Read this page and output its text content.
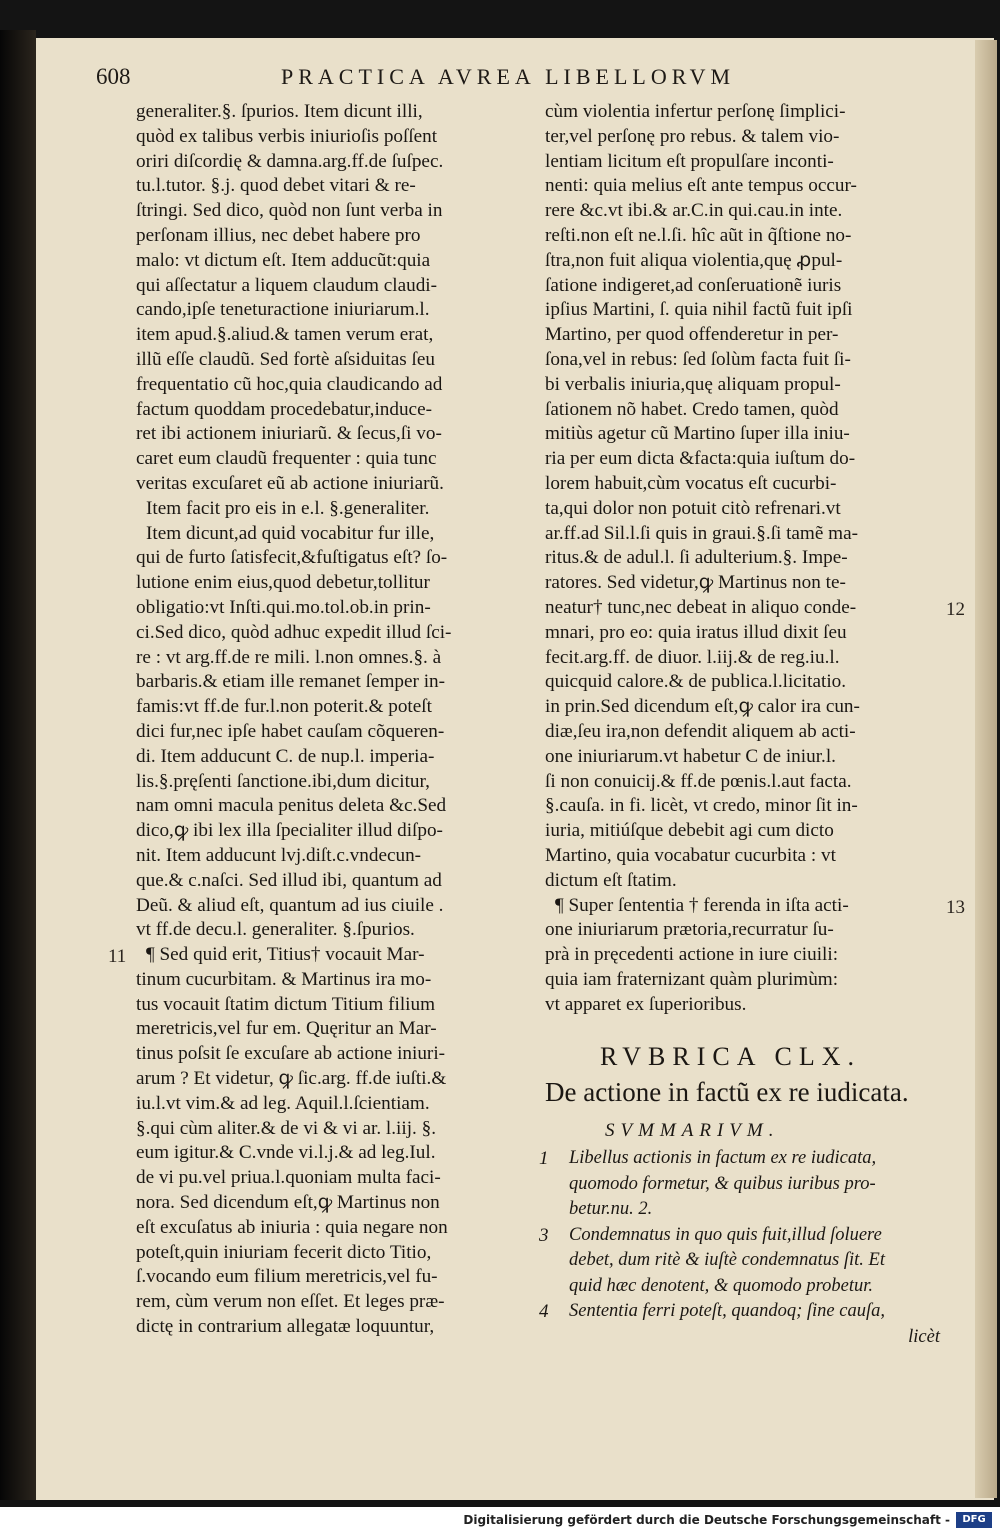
608	PRACTICA AVREA LIBELLORVM

generaliter.§. ſpurios. Item dicunt illi,

quòd ex talibus verbis iniurioſis poſſent

oriri diſcordię & damna.arg.ff.de ſuſpec.

tu.l.tutor. §.j. quod debet vitari & re-

ſtringi. Sed dico, quòd non ſunt verba in

perſonam illius, nec debet habere pro

malo: vt dictum eſt. Item adducũt:quia

qui aſſectatur a liquem claudum claudi-

cando,ipſe teneturactione iniuriarum.l.

item apud.§.aliud.& tamen verum erat,

illũ eſſe claudũ. Sed fortè aſsiduitas ſeu

frequentatio cũ hoc,quia claudicando ad

factum quoddam procedebatur,induce-

ret ibi actionem iniuriarũ. & ſecus,ſi vo-

caret eum claudũ frequenter : quia tunc

veritas excuſaret eũ ab actione iniuriarũ.

Item facit pro eis in e.l. §.generaliter.

Item dicunt,ad quid vocabitur fur ille,

qui de furto ſatisfecit,&fuſtigatus eſt? ſo-

lutione enim eius,quod debetur,tollitur

obligatio:vt Inſti.qui.mo.tol.ob.in prin-

ci.Sed dico, quòd adhuc expedit illud ſci-

re : vt arg.ff.de re mili. l.non omnes.§. à

barbaris.& etiam ille remanet ſemper in-

famis:vt ff.de fur.l.non poterit.& poteſt

dici fur,nec ipſe habet cauſam cõqueren-

di. Item adducunt C. de nup.l. imperia-

lis.§.pręſenti ſanctione.ibi,dum dicitur,

nam omni macula penitus deleta &c.Sed

dico,ꝙ ibi lex illa ſpecialiter illud diſpo-

nit. Item adducunt lvj.diſt.c.vndecun-

que.& c.naſci. Sed illud ibi, quantum ad

Deũ. & aliud eſt, quantum ad ius ciuile .

vt ff.de decu.l. generaliter. §.ſpurios.

¶ Sed quid erit, Titius† vocauit Mar-

tinum cucurbitam. & Martinus ira mo-

tus vocauit ſtatim dictum Titium filium

meretricis,vel fur em. Quęritur an Mar-

tinus poſsit ſe excuſare ab actione iniuri-

arum ? Et videtur, ꝙ ſic.arg. ff.de iuſti.&

iu.l.vt vim.& ad leg. Aquil.l.ſcientiam.

§.qui cùm aliter.& de vi & vi ar. l.iij. §.

eum igitur.& C.vnde vi.l.j.& ad leg.Iul.

de vi pu.vel priua.l.quoniam multa faci-

nora. Sed dicendum eſt,ꝙ Martinus non

eſt excuſatus ab iniuria : quia negare non

poteſt,quin iniuriam fecerit dicto Titio,

ſ.vocando eum filium meretricis,vel fu-

rem, cùm verum non eſſet. Et leges præ-

dictę in contrarium allegatæ loquuntur,

cùm violentia infertur perſonę ſimplici-

ter,vel perſonę pro rebus. & talem vio-

lentiam licitum eſt propulſare inconti-

nenti: quia melius eſt ante tempus occur-

rere &c.vt ibi.& ar.C.in qui.cau.in inte.

reſti.non eſt ne.l.ſi. hîc aũt in q̃ſtione no-

ſtra,non fuit aliqua violentia,quę ꝓpul-

ſatione indigeret,ad conſeruationẽ iuris

ipſius Martini, ſ. quia nihil factũ fuit ipſi

Martino, per quod offenderetur in per-

ſona,vel in rebus: ſed ſolùm facta fuit ſi-

bi verbalis iniuria,quę aliquam propul-

ſationem nõ habet. Credo tamen, quòd

mitiùs agetur cũ Martino ſuper illa iniu-

ria per eum dicta &facta:quia iuſtum do-

lorem habuit,cùm vocatus eſt cucurbi-

ta,qui dolor non potuit citò refrenari.vt

ar.ff.ad Sil.l.ſi quis in graui.§.ſi tamẽ ma-

ritus.& de adul.l. ſi adulterium.§. Impe-

ratores. Sed videtur,ꝙ Martinus non te-

neatur† tunc,nec debeat in aliquo conde-

mnari, pro eo: quia iratus illud dixit ſeu

fecit.arg.ff. de diuor. l.iij.& de reg.iu.l.

quicquid calore.& de publica.l.licitatio.

in prin.Sed dicendum eſt,ꝙ calor ira cun-

diæ,ſeu ira,non defendit aliquem ab acti-

one iniuriarum.vt habetur C de iniur.l.

ſi non conuicij.& ff.de pœnis.l.aut facta.

§.cauſa. in fi. licèt, vt credo, minor ſit in-

iuria, mitiúſque debebit agi cum dicto

Martino, quia vocabatur cucurbita : vt

dictum eſt ſtatim.

¶ Super ſententia † ferenda in iſta acti-

one iniuriarum prætoria,recurratur ſu-

prà in pręcedenti actione in iure ciuili:

quia iam fraternizant quàm plurimùm:

vt apparet ex ſuperioribus.

11
12
13
RVBRICA CLX.
De actione in factũ ex re iudicata.
SVMMARIVM.
1 Libellus actionis in factum ex re iudicata,
quomodo formetur, & quibus iuribus pro-
betur.nu. 2.
3 Condemnatus in quo quis fuit,illud ſoluere
debet, dum ritè & iuſtè condemnatus ſit. Et
quid hæc denotent, & quomodo probetur.
4 Sententia ferri poteſt, quandoq; ſine cauſa,
licèt
Digitalisierung gefördert durch die Deutsche Forschungsgemeinschaft -	DFG
